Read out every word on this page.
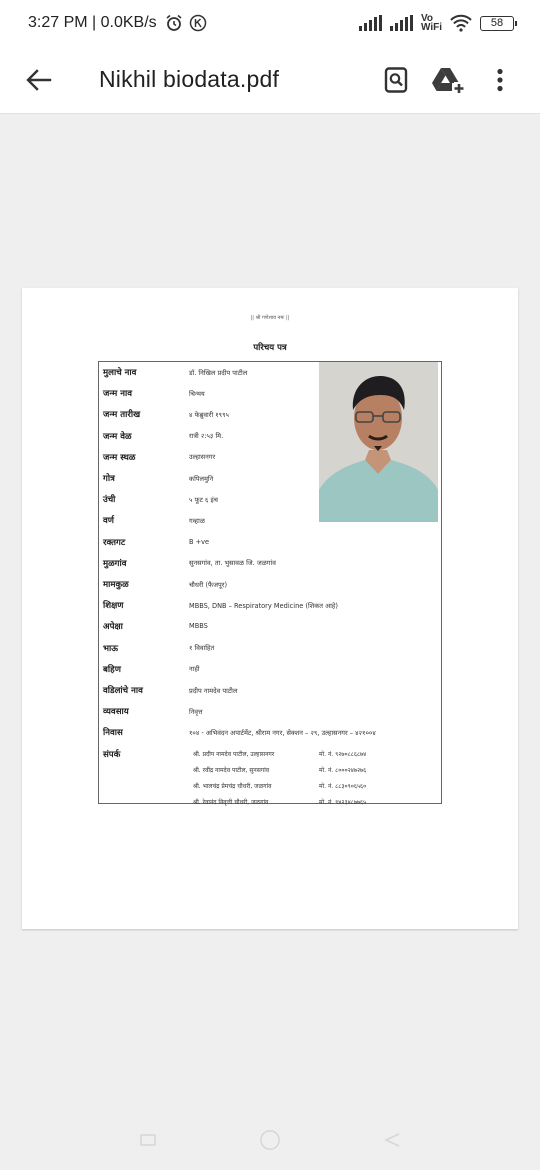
3:27 PM | 0.0KB/s	Vo
WiFi	58
Nikhil biodata.pdf
|| श्री गणेशाय नमः ||
परिचय पत्र
मुलाचे नाव	डॉ. निखिल प्रदीप पाटील
जन्म नाव	चिन्मय
जन्म तारीख	४ फेब्रुवारी १९९५
जन्म वेळ	रात्री २:५३ मि.
जन्म स्थळ	उल्हासनगर
गोत्र	कपिलमुनि
उंची	५ फूट ६ इंच
वर्ण	गव्हाळ
रक्तगट	B +ve
मुळगांव	सुनसगांव, ता. भुसावळ जि. जळगांव
मामकुळ	चौधरी (फैजपूर)
शिक्षण	MBBS, DNB – Respiratory Medicine (शिकत आहे)
अपेक्षा	MBBS
भाऊ	१ विवाहित
बहिण	नाही
वडिलांचे नाव	प्रदीप नामदेव पाटील
व्यवसाय	निवृत्त
निवास	१०४ - अभिवंदन अपार्टमेंट, श्रीराम नगर, सेक्शन – २९, उल्हासनगर – ४२१००४
संपर्क	श्री. प्रदीप नामदेव पाटील, उल्हासनगर	मो. नं. ९२७०८८६८७४
श्री. रवींद्र नामदेव पाटील, सुनसगांव	मो. नं. ८०००२४७२७६
श्री. भालचंद्र प्रेमचंद्र चौधरी, जळगांव	मो. नं. ८८३०९०६५६०
श्री. रेवानंद निवृत्ती चौधरी, जळगांव	मो. नं. ९४२३४८७७६५
